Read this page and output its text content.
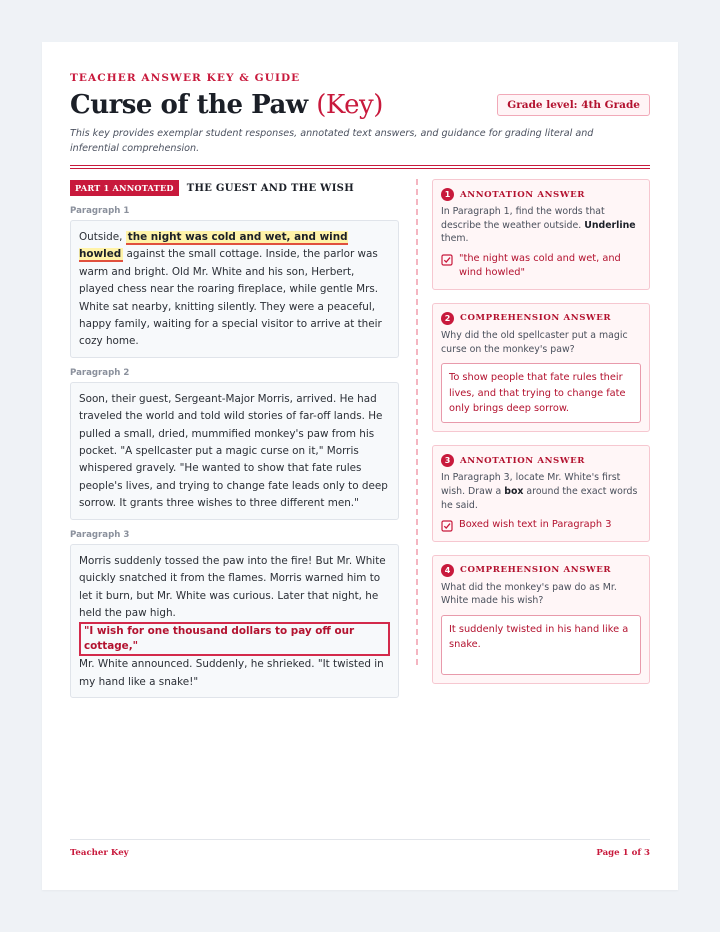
TEACHER ANSWER KEY & GUIDE
Curse of the Paw (Key)	Grade level: 4th Grade
This key provides exemplar student responses, annotated text answers, and guidance for grading literal and inferential comprehension.
PART 1 ANNOTATED	THE GUEST AND THE WISH
Paragraph 1
Outside, the night was cold and wet, and wind howled against the small cottage. Inside, the parlor was warm and bright. Old Mr. White and his son, Herbert, played chess near the roaring fireplace, while gentle Mrs. White sat nearby, knitting silently. They were a peaceful, happy family, waiting for a special visitor to arrive at their cozy home.
Paragraph 2
Soon, their guest, Sergeant-Major Morris, arrived. He had traveled the world and told wild stories of far-off lands. He pulled a small, dried, mummified monkey's paw from his pocket. "A spellcaster put a magic curse on it," Morris whispered gravely. "He wanted to show that fate rules people's lives, and trying to change fate leads only to deep sorrow. It grants three wishes to three different men."
Paragraph 3
Morris suddenly tossed the paw into the fire! But Mr. White quickly snatched it from the flames. Morris warned him to let it burn, but Mr. White was curious. Later that night, he held the paw high.
"I wish for one thousand dollars to pay off our cottage," Mr. White announced. Suddenly, he shrieked. "It twisted in my hand like a snake!"
1	ANNOTATION ANSWER
In Paragraph 1, find the words that describe the weather outside. Underline them.
"the night was cold and wet, and wind howled"
2	COMPREHENSION ANSWER
Why did the old spellcaster put a magic curse on the monkey's paw?
To show people that fate rules their lives, and that trying to change fate only brings deep sorrow.
3	ANNOTATION ANSWER
In Paragraph 3, locate Mr. White's first wish. Draw a box around the exact words he said.
Boxed wish text in Paragraph 3
4	COMPREHENSION ANSWER
What did the monkey's paw do as Mr. White made his wish?
It suddenly twisted in his hand like a snake.
Teacher Key	Page 1 of 3
